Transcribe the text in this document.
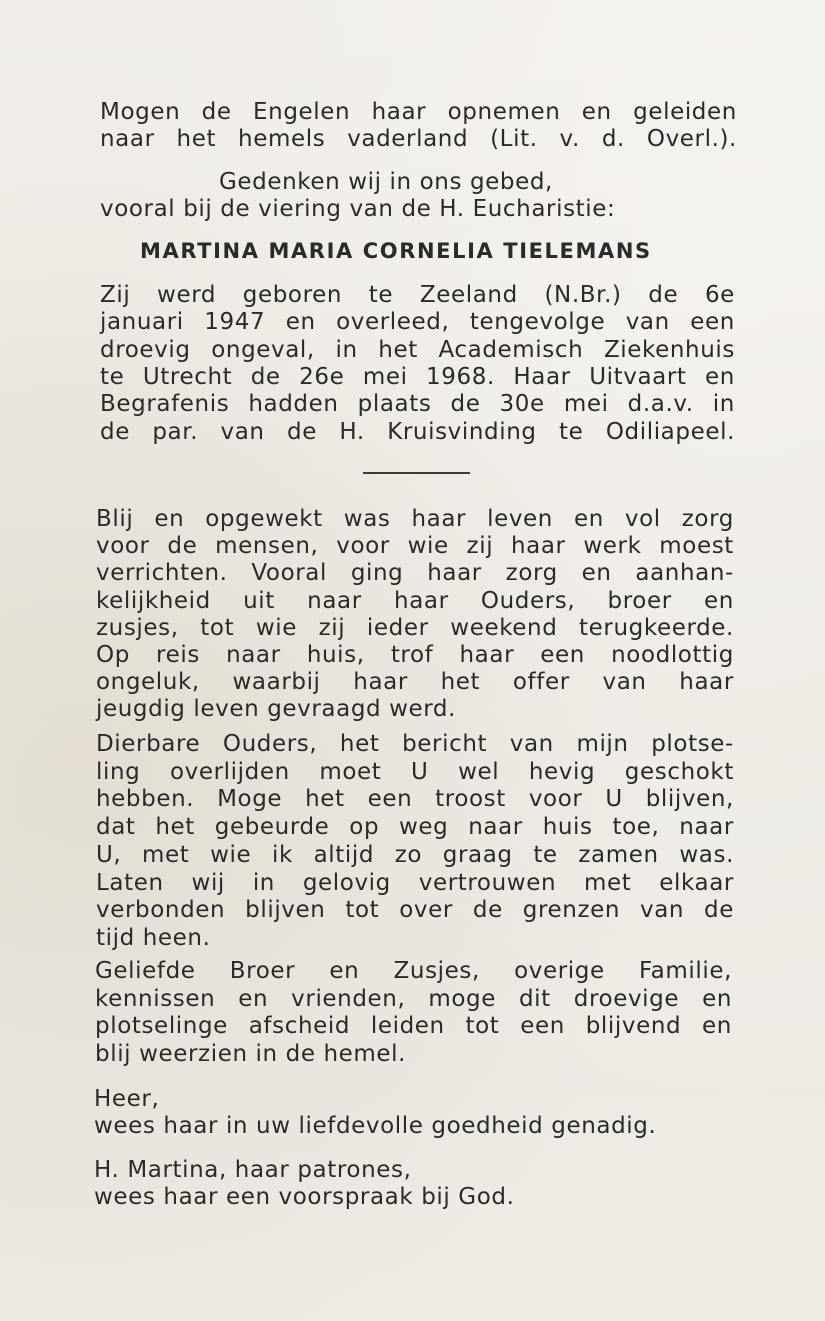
Mogen de Engelen haar opnemen en geleiden
naar het hemels vaderland (Lit. v. d. Overl.).
Gedenken wij in ons gebed,
vooral bij de viering van de H. Eucharistie:
MARTINA MARIA CORNELIA TIELEMANS
Zij werd geboren te Zeeland (N.Br.) de 6e
januari 1947 en overleed, tengevolge van een
droevig ongeval, in het Academisch Ziekenhuis
te Utrecht de 26e mei 1968. Haar Uitvaart en
Begrafenis hadden plaats de 30e mei d.a.v. in
de par. van de H. Kruisvinding te Odiliapeel.
Blij en opgewekt was haar leven en vol zorg
voor de mensen, voor wie zij haar werk moest
verrichten. Vooral ging haar zorg en aanhan-
kelijkheid uit naar haar Ouders, broer en
zusjes, tot wie zij ieder weekend terugkeerde.
Op reis naar huis, trof haar een noodlottig
ongeluk, waarbij haar het offer van haar
jeugdig leven gevraagd werd.
Dierbare Ouders, het bericht van mijn plotse-
ling overlijden moet U wel hevig geschokt
hebben. Moge het een troost voor U blijven,
dat het gebeurde op weg naar huis toe, naar
U, met wie ik altijd zo graag te zamen was.
Laten wij in gelovig vertrouwen met elkaar
verbonden blijven tot over de grenzen van de
tijd heen.
Geliefde Broer en Zusjes, overige Familie,
kennissen en vrienden, moge dit droevige en
plotselinge afscheid leiden tot een blijvend en
blij weerzien in de hemel.
Heer,
wees haar in uw liefdevolle goedheid genadig.
H. Martina, haar patrones,
wees haar een voorspraak bij God.
